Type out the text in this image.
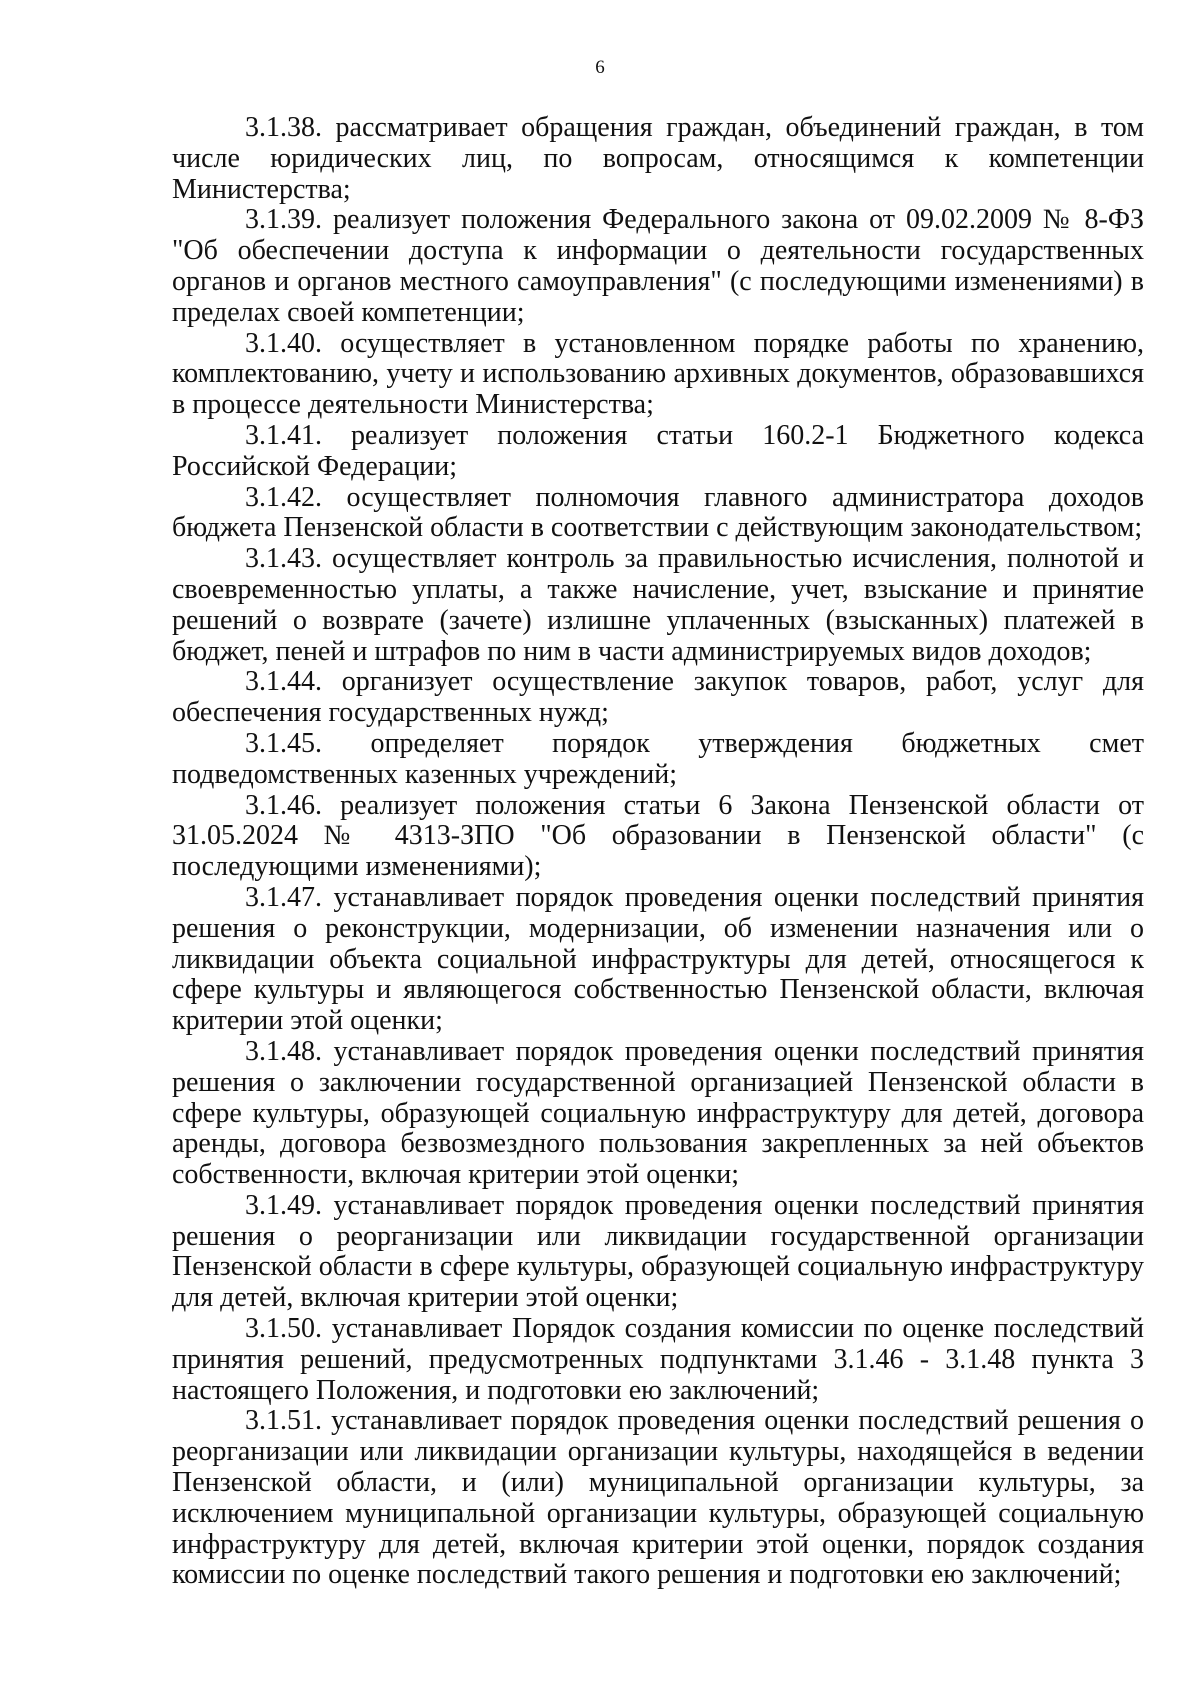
6

3.1.38. рассматривает обращения граждан, объединений граждан, в том числе юридических лиц, по вопросам, относящимся к компетенции Министерства;

3.1.39. реализует положения Федерального закона от 09.02.2009 № 8-ФЗ "Об обеспечении доступа к информации о деятельности государственных органов и органов местного самоуправления" (с последующими изменениями) в пределах своей компетенции;

3.1.40. осуществляет в установленном порядке работы по хранению, комплектованию, учету и использованию архивных документов, образовавшихся в процессе деятельности Министерства;

3.1.41. реализует положения статьи 160.2-1 Бюджетного кодекса Российской Федерации;

3.1.42. осуществляет полномочия главного администратора доходов бюджета Пензенской области в соответствии с действующим законодательством;

3.1.43. осуществляет контроль за правильностью исчисления, полнотой и своевременностью уплаты, а также начисление, учет, взыскание и принятие решений о возврате (зачете) излишне уплаченных (взысканных) платежей в бюджет, пеней и штрафов по ним в части администрируемых видов доходов;

3.1.44. организует осуществление закупок товаров, работ, услуг для обеспечения государственных нужд;

3.1.45. определяет порядок утверждения бюджетных смет подведомственных казенных учреждений;

3.1.46. реализует положения статьи 6 Закона Пензенской области от 31.05.2024 № 4313-ЗПО "Об образовании в Пензенской области" (с последующими изменениями);

3.1.47. устанавливает порядок проведения оценки последствий принятия решения о реконструкции, модернизации, об изменении назначения или о ликвидации объекта социальной инфраструктуры для детей, относящегося к сфере культуры и являющегося собственностью Пензенской области, включая критерии этой оценки;

3.1.48. устанавливает порядок проведения оценки последствий принятия решения о заключении государственной организацией Пензенской области в сфере культуры, образующей социальную инфраструктуру для детей, договора аренды, договора безвозмездного пользования закрепленных за ней объектов собственности, включая критерии этой оценки;

3.1.49. устанавливает порядок проведения оценки последствий принятия решения о реорганизации или ликвидации государственной организации Пензенской области в сфере культуры, образующей социальную инфраструктуру для детей, включая критерии этой оценки;

3.1.50. устанавливает Порядок создания комиссии по оценке последствий принятия решений, предусмотренных подпунктами 3.1.46 - 3.1.48 пункта 3 настоящего Положения, и подготовки ею заключений;

3.1.51. устанавливает порядок проведения оценки последствий решения о реорганизации или ликвидации организации культуры, находящейся в ведении Пензенской области, и (или) муниципальной организации культуры, за исключением муниципальной организации культуры, образующей социальную инфраструктуру для детей, включая критерии этой оценки, порядок создания комиссии по оценке последствий такого решения и подготовки ею заключений;
